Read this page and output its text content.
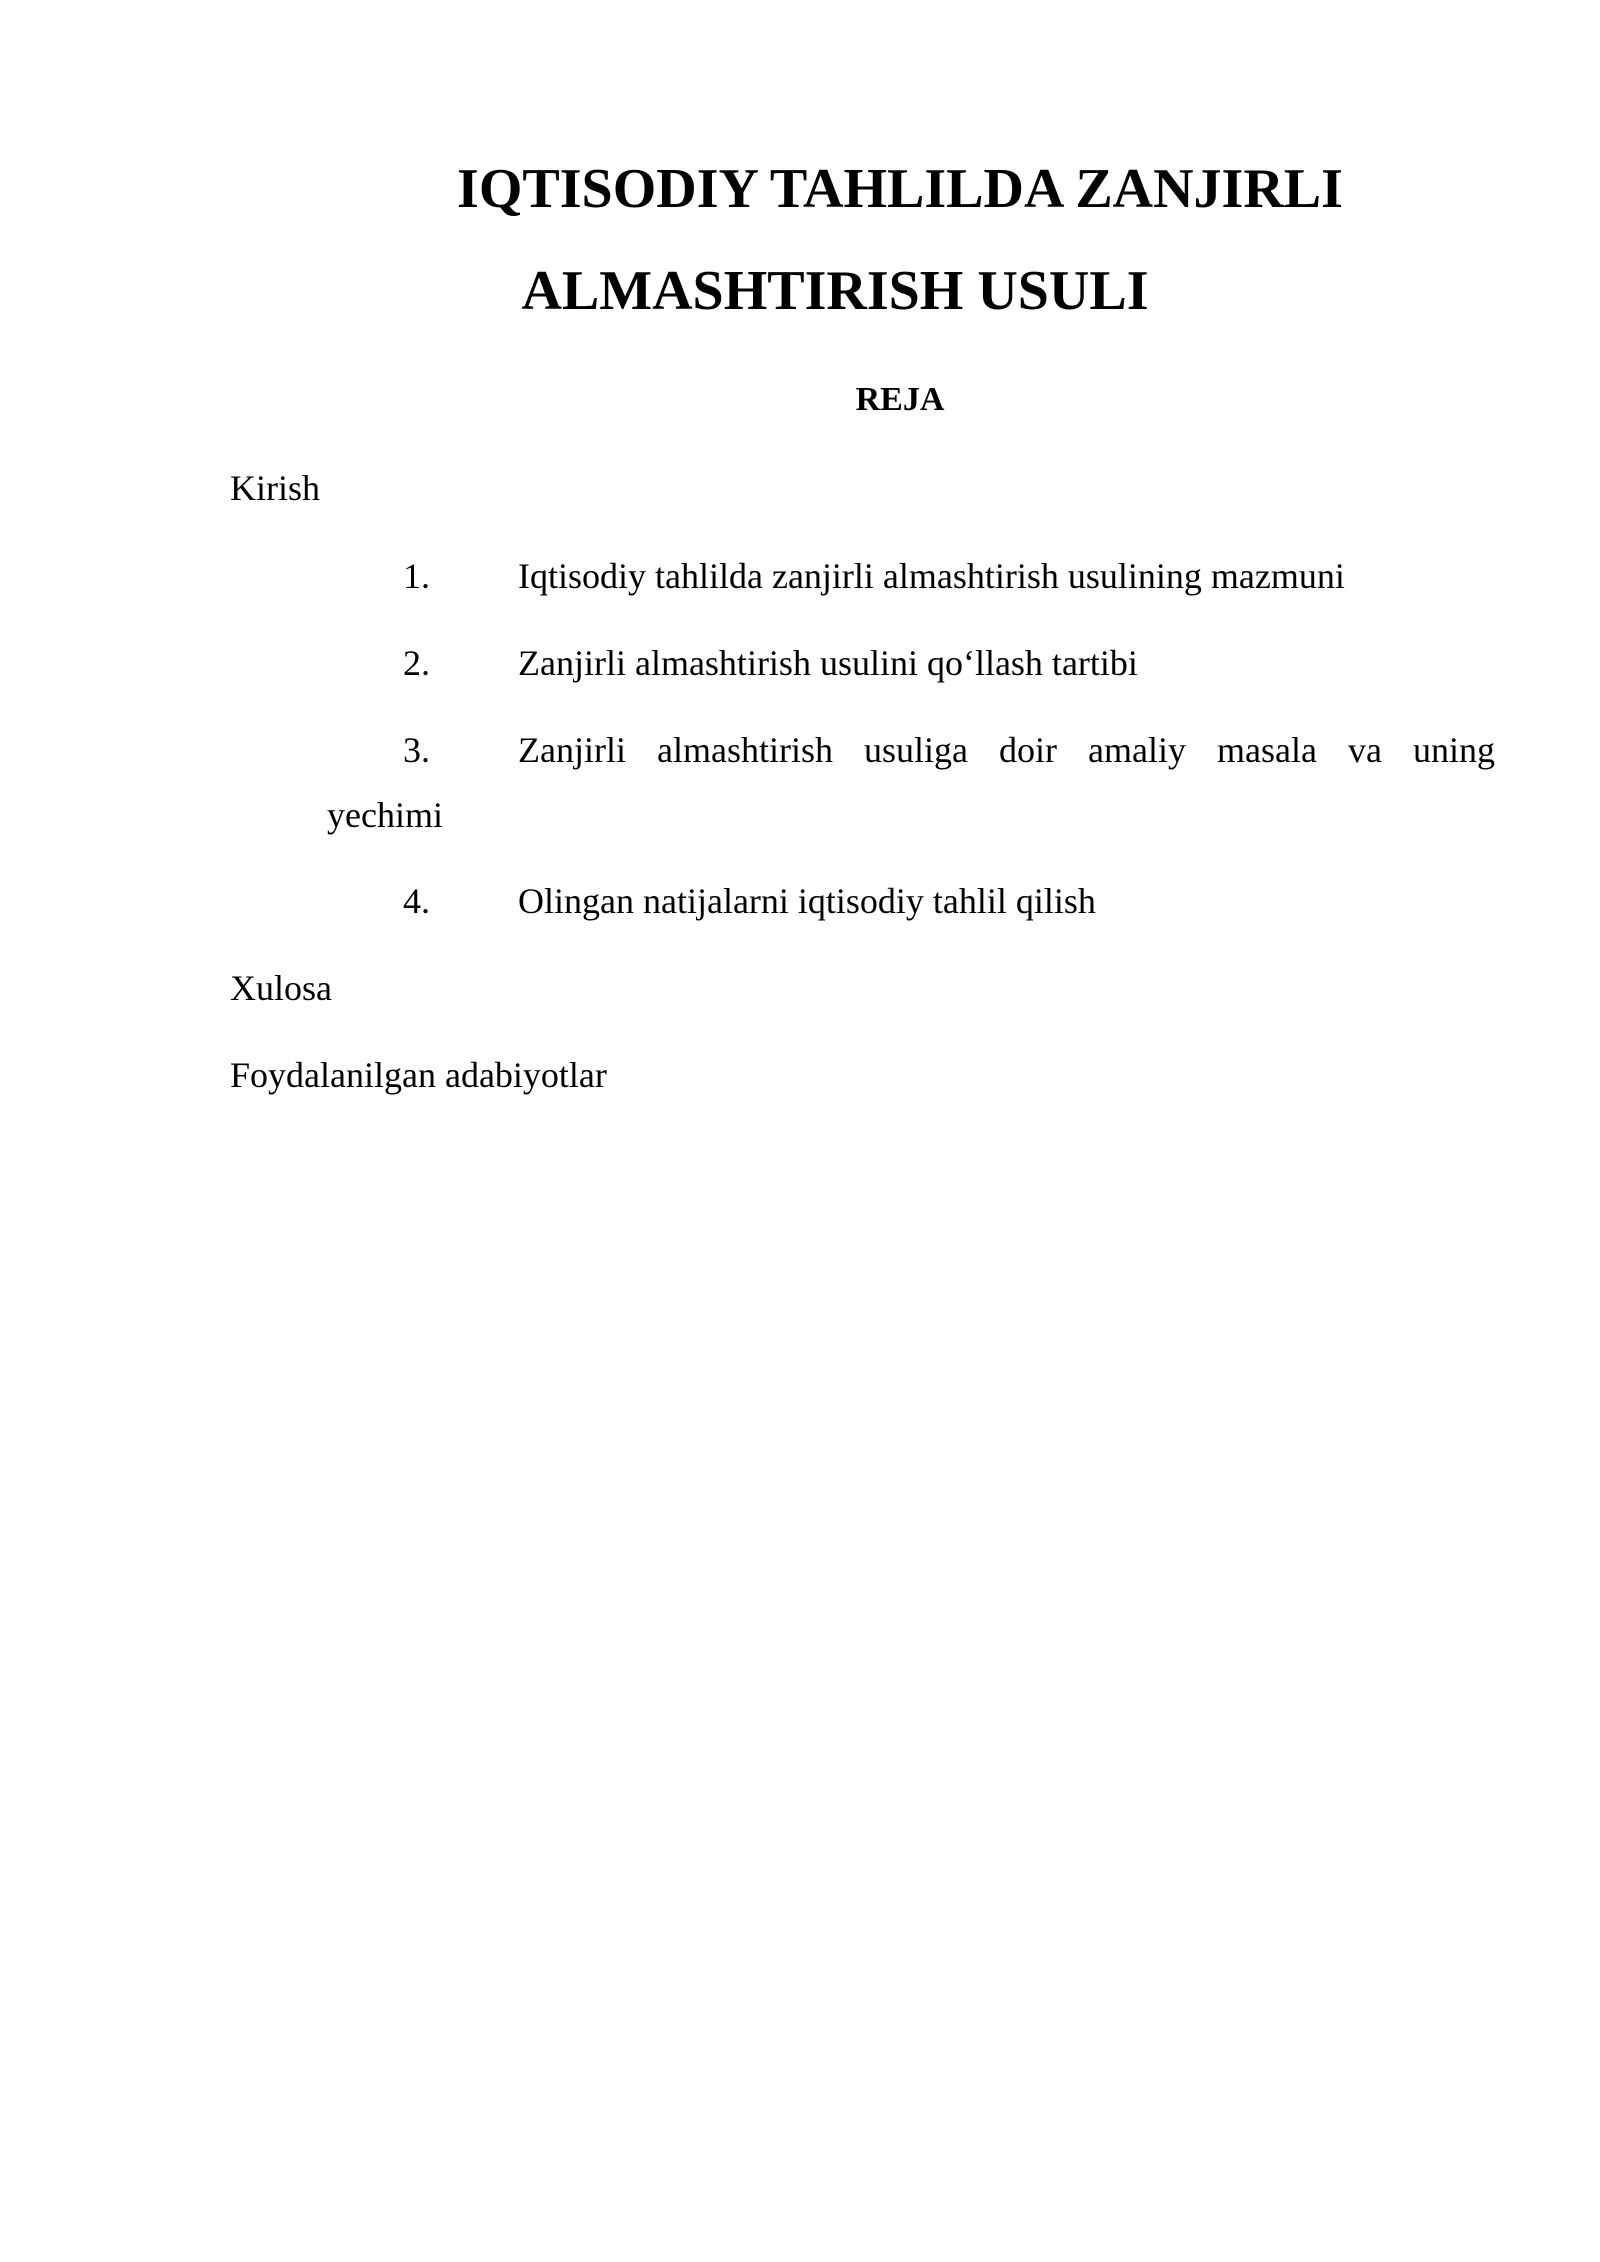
IQTISODIY TAHLILDA ZANJIRLI
ALMASHTIRISH USULI
REJA
Kirish
1. Iqtisodiy tahlilda zanjirli almashtirish usulining mazmuni
2. Zanjirli almashtirish usulini qo‘llash tartibi
3. Zanjirli almashtirish usuliga doir amaliy masala va uning
yechimi
4. Olingan natijalarni iqtisodiy tahlil qilish
Xulosa
Foydalanilgan adabiyotlar
